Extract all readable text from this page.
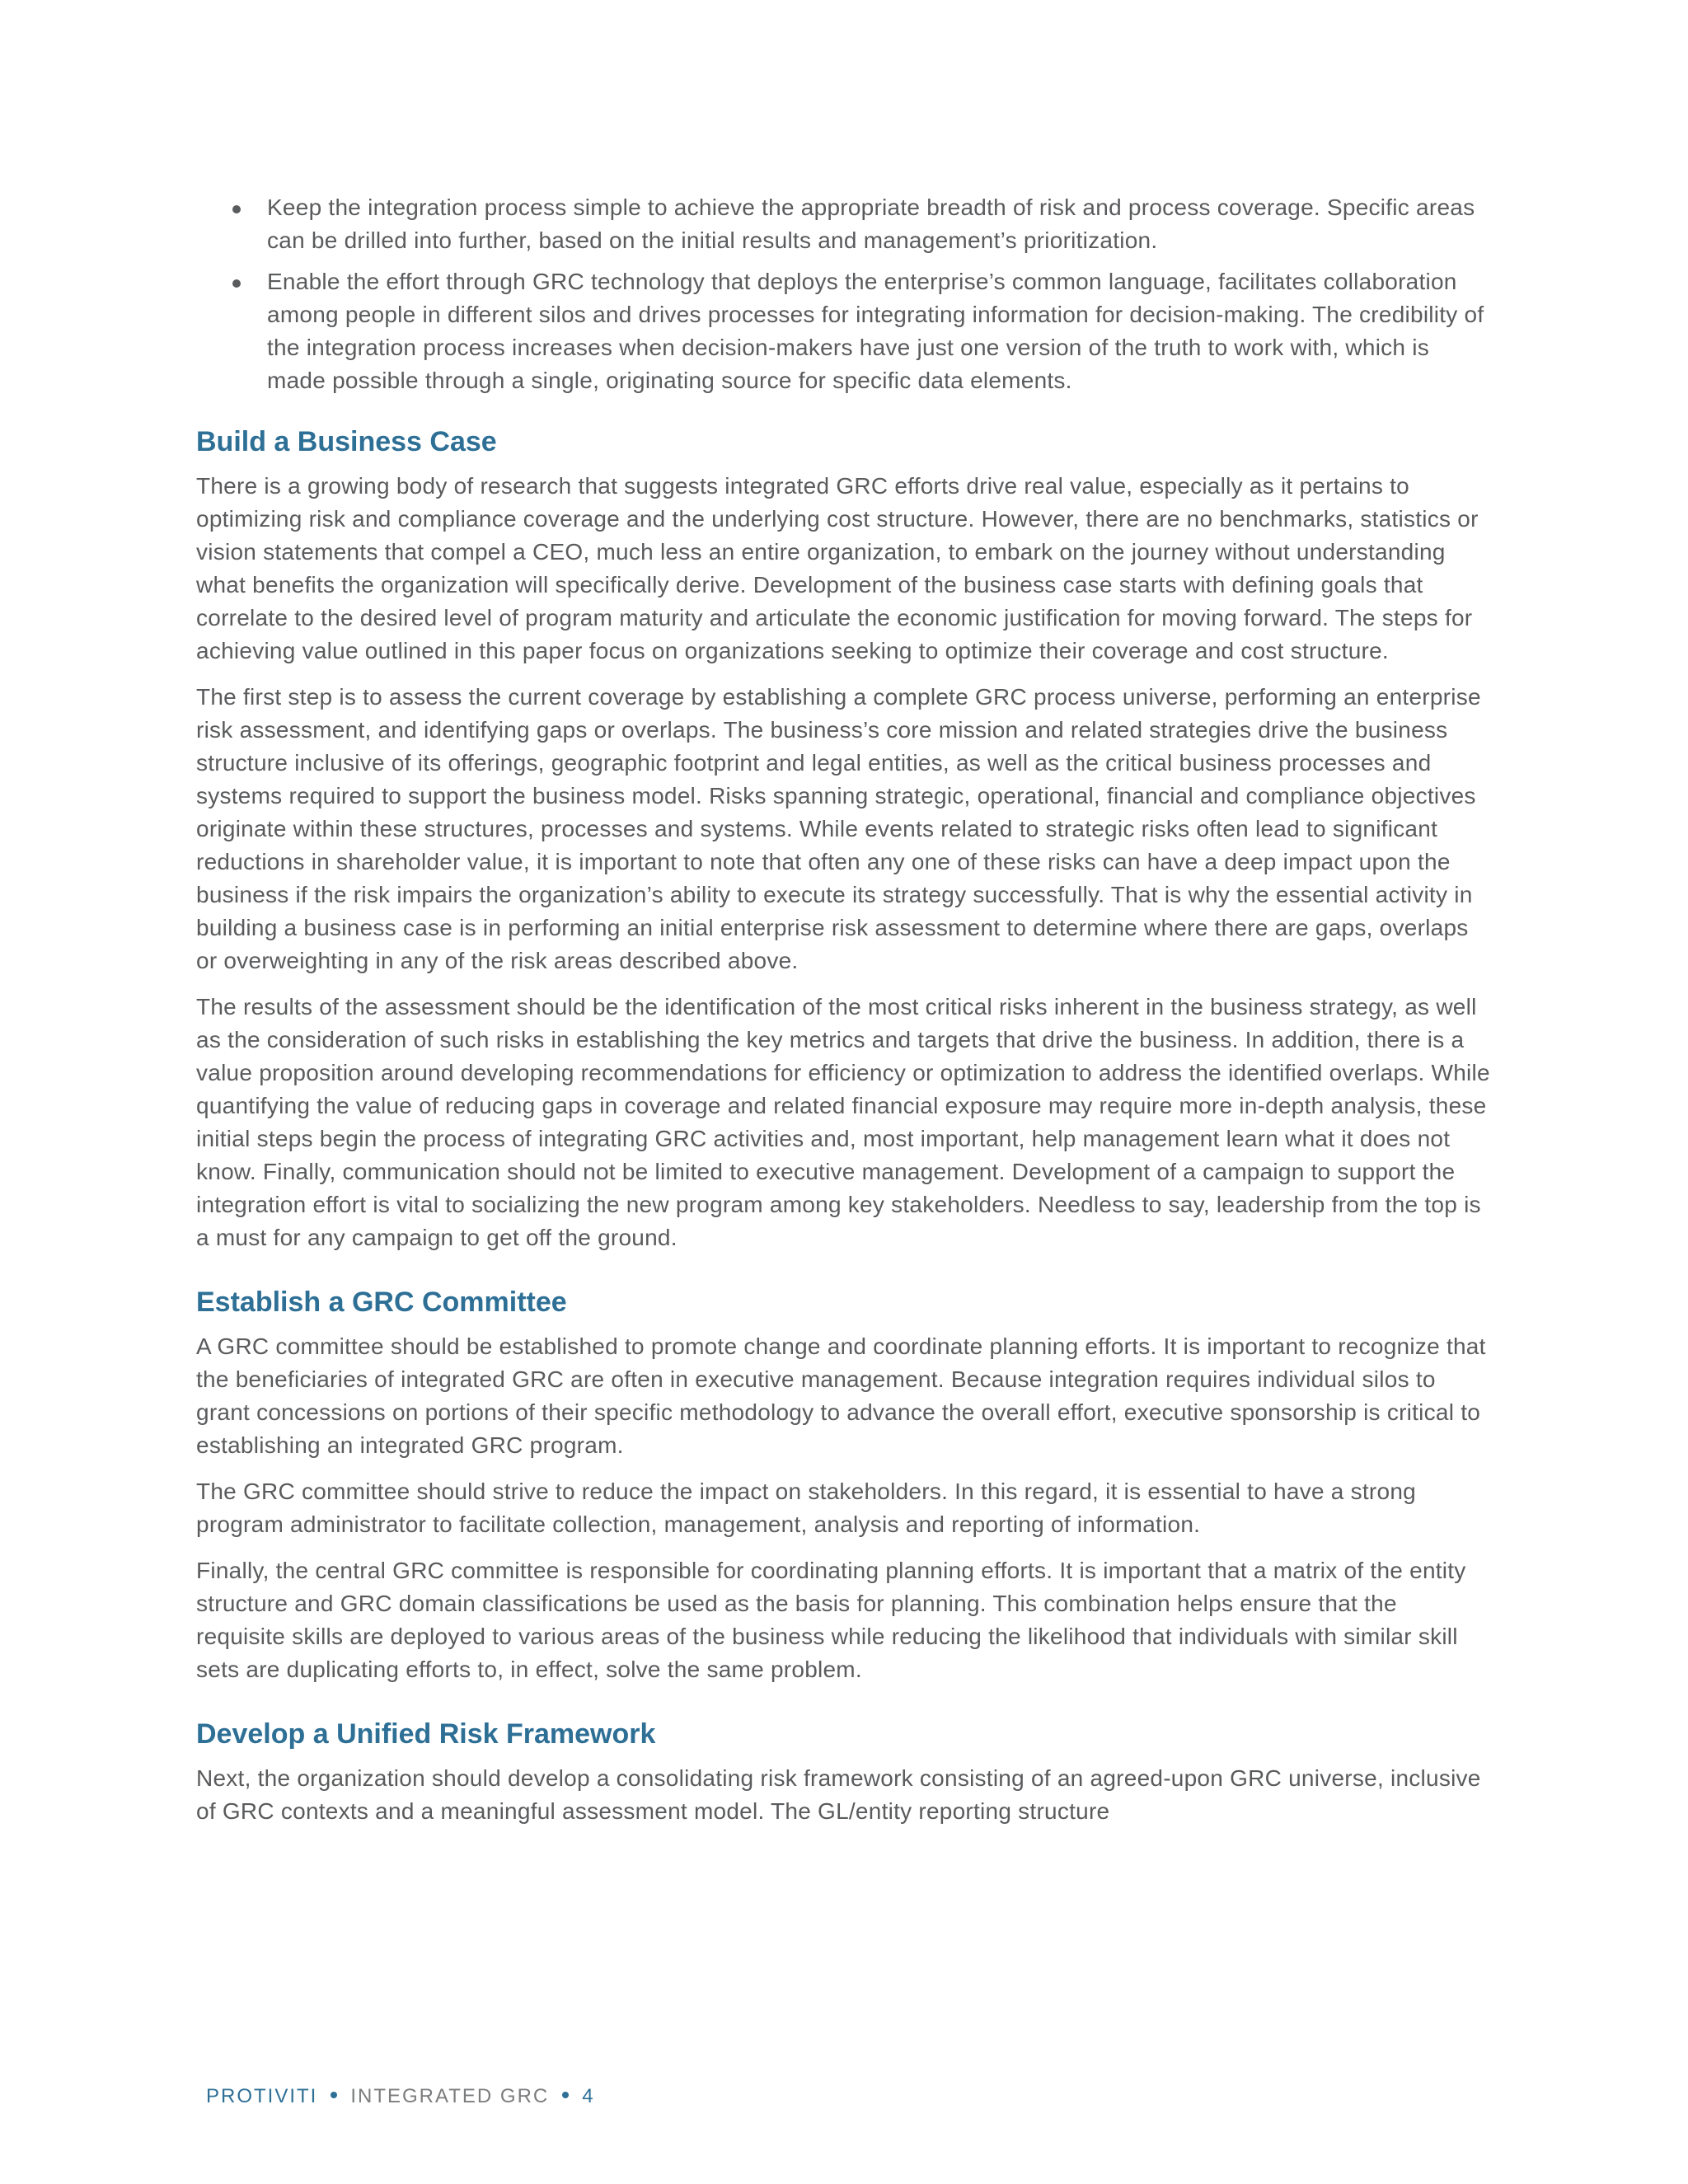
Keep the integration process simple to achieve the appropriate breadth of risk and process coverage. Specific areas can be drilled into further, based on the initial results and management’s prioritization.
Enable the effort through GRC technology that deploys the enterprise’s common language, facilitates collaboration among people in different silos and drives processes for integrating information for decision-making. The credibility of the integration process increases when decision-makers have just one version of the truth to work with, which is made possible through a single, originating source for specific data elements.
Build a Business Case

There is a growing body of research that suggests integrated GRC efforts drive real value, especially as it pertains to optimizing risk and compliance coverage and the underlying cost structure. However, there are no benchmarks, statistics or vision statements that compel a CEO, much less an entire organization, to embark on the journey without understanding what benefits the organization will specifically derive. Development of the business case starts with defining goals that correlate to the desired level of program maturity and articulate the economic justification for moving forward. The steps for achieving value outlined in this paper focus on organizations seeking to optimize their coverage and cost structure.

The first step is to assess the current coverage by establishing a complete GRC process universe, performing an enterprise risk assessment, and identifying gaps or overlaps. The business’s core mission and related strategies drive the business structure inclusive of its offerings, geographic footprint and legal entities, as well as the critical business processes and systems required to support the business model. Risks spanning strategic, operational, financial and compliance objectives originate within these structures, processes and systems. While events related to strategic risks often lead to significant reductions in shareholder value, it is important to note that often any one of these risks can have a deep impact upon the business if the risk impairs the organization’s ability to execute its strategy successfully. That is why the essential activity in building a business case is in performing an initial enterprise risk assessment to determine where there are gaps, overlaps or overweighting in any of the risk areas described above.

The results of the assessment should be the identification of the most critical risks inherent in the business strategy, as well as the consideration of such risks in establishing the key metrics and targets that drive the business. In addition, there is a value proposition around developing recommendations for efficiency or optimization to address the identified overlaps. While quantifying the value of reducing gaps in coverage and related financial exposure may require more in-depth analysis, these initial steps begin the process of integrating GRC activities and, most important, help management learn what it does not know. Finally, communication should not be limited to executive management. Development of a campaign to support the integration effort is vital to socializing the new program among key stakeholders. Needless to say, leadership from the top is a must for any campaign to get off the ground.

Establish a GRC Committee

A GRC committee should be established to promote change and coordinate planning efforts. It is important to recognize that the beneficiaries of integrated GRC are often in executive management. Because integration requires individual silos to grant concessions on portions of their specific methodology to advance the overall effort, executive sponsorship is critical to establishing an integrated GRC program.

The GRC committee should strive to reduce the impact on stakeholders. In this regard, it is essential to have a strong program administrator to facilitate collection, management, analysis and reporting of information.

Finally, the central GRC committee is responsible for coordinating planning efforts. It is important that a matrix of the entity structure and GRC domain classifications be used as the basis for planning. This combination helps ensure that the requisite skills are deployed to various areas of the business while reducing the likelihood that individuals with similar skill sets are duplicating efforts to, in effect, solve the same problem.

Develop a Unified Risk Framework

Next, the organization should develop a consolidating risk framework consisting of an agreed-upon GRC universe, inclusive of GRC contexts and a meaningful assessment model. The GL/entity reporting structure

PROTIVITI INTEGRATED GRC 4
